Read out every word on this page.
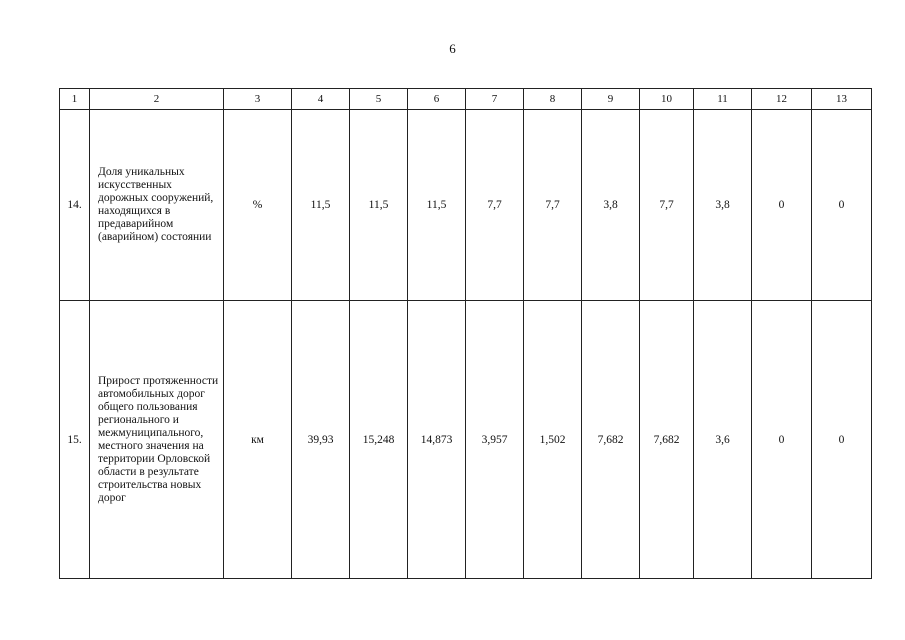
6
1	2	3	4	5	6	7	8	9	10	11	12	13
14.	Доля уникальных искусственных дорожных сооружений, находящихся в предаварийном (аварийном) состоянии	%	11,5	11,5	11,5	7,7	7,7	3,8	7,7	3,8	0	0
15.	Прирост протяженности автомобильных дорог общего пользования регионального и межмуниципального, местного значения на территории Орловской области в результате строительства новых дорог	км	39,93	15,248	14,873	3,957	1,502	7,682	7,682	3,6	0	0
